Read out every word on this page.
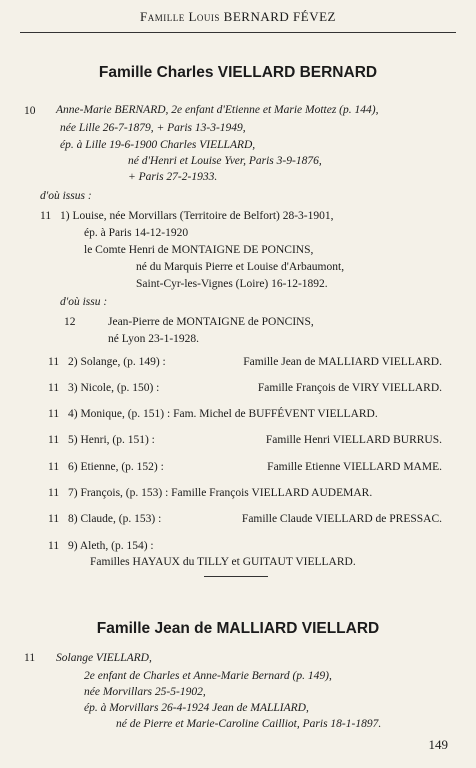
Famille Louis BERNARD FÉVEZ
Famille Charles VIELLARD BERNARD
10 Anne-Marie BERNARD, 2e enfant d'Etienne et Marie Mottez (p. 144),
née Lille 26-7-1879, + Paris 13-3-1949,
ép. à Lille 19-6-1900 Charles VIELLARD,
né d'Henri et Louise Yver, Paris 3-9-1876,
+ Paris 27-2-1933.
d'où issus :
11 1) Louise, née Morvillars (Territoire de Belfort) 28-3-1901,
ép. à Paris 14-12-1920
le Comte Henri de MONTAIGNE DE PONCINS,
né du Marquis Pierre et Louise d'Arbaumont,
Saint-Cyr-les-Vignes (Loire) 16-12-1892.
d'où issu :
12	Jean-Pierre de MONTAIGNE de PONCINS,
né Lyon 23-1-1928.
11 2) Solange, (p. 149) :	Famille Jean de MALLIARD VIELLARD.
11 3) Nicole, (p. 150) :	Famille François de VIRY VIELLARD.
11 4) Monique, (p. 151) : Fam. Michel de BUFFÉVENT VIELLARD.
11 5) Henri, (p. 151) :	Famille Henri VIELLARD BURRUS.
11 6) Etienne, (p. 152) :	Famille Etienne VIELLARD MAME.
11 7) François, (p. 153) : Famille François VIELLARD AUDEMAR.
11 8) Claude, (p. 153) :	Famille Claude VIELLARD de PRESSAC.
11 9) Aleth, (p. 154) :
Familles HAYAUX du TILLY et GUITAUT VIELLARD.
Famille Jean de MALLIARD VIELLARD
11 Solange VIELLARD,
2e enfant de Charles et Anne-Marie Bernard (p. 149),
née Morvillars 25-5-1902,
ép. à Morvillars 26-4-1924 Jean de MALLIARD,
né de Pierre et Marie-Caroline Cailliot, Paris 18-1-1897.
149
